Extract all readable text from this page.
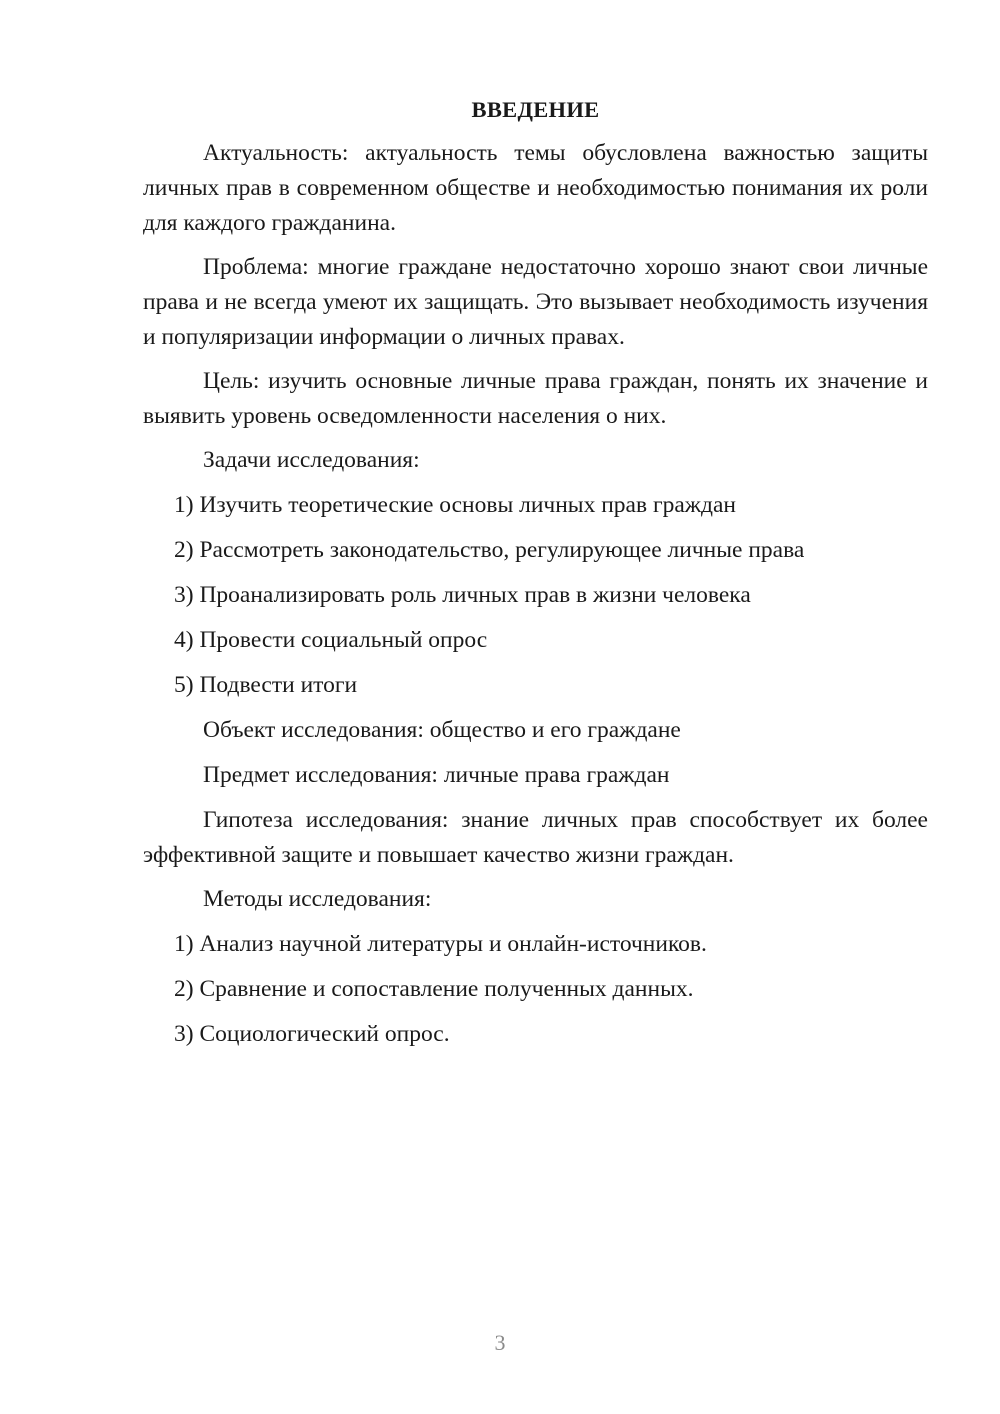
ВВЕДЕНИЕ

Актуальность: актуальность темы обусловлена важностью защиты личных прав в современном обществе и необходимостью понимания их роли для каждого гражданина.

Проблема: многие граждане недостаточно хорошо знают свои личные права и не всегда умеют их защищать. Это вызывает необходимость изучения и популяризации информации о личных правах.

Цель: изучить основные личные права граждан, понять их значение и выявить уровень осведомленности населения о них.

Задачи исследования:
1) Изучить теоретические основы личных прав граждан
2) Рассмотреть законодательство, регулирующее личные права
3) Проанализировать роль личных прав в жизни человека
4) Провести социальный опрос
5) Подвести итоги
Объект исследования: общество и его граждане
Предмет исследования: личные права граждан

Гипотеза исследования: знание личных прав способствует их более эффективной защите и повышает качество жизни граждан.

Методы исследования:
1) Анализ научной литературы и онлайн-источников.
2) Сравнение и сопоставление полученных данных.
3) Социологический опрос.
3
